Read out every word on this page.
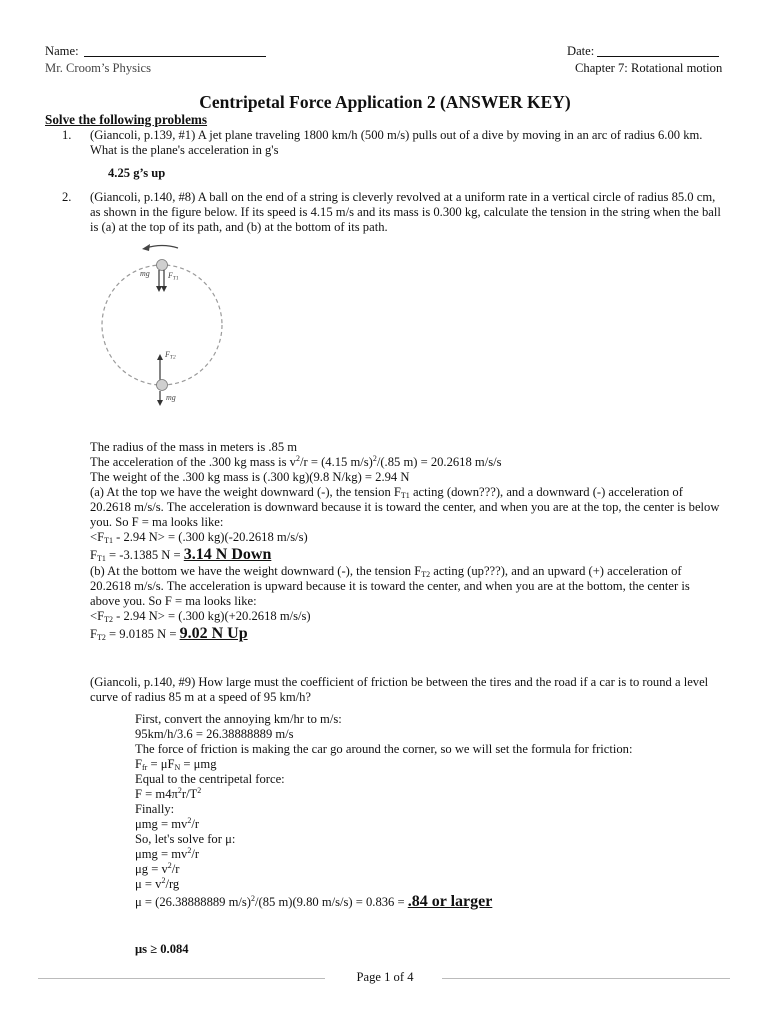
Name:
Mr. Croom’s Physics
Date:
Chapter 7: Rotational motion
Centripetal Force Application 2 (ANSWER KEY)
Solve the following problems
1. (Giancoli, p.139, #1) A jet plane traveling 1800 km/h (500 m/s) pulls out of a dive by moving in an arc of radius 6.00 km.
What is the plane's acceleration in g's
4.25 g’s up
2. (Giancoli, p.140, #8) A ball on the end of a string is cleverly revolved at a uniform rate in a vertical circle of radius 85.0 cm,
as shown in the figure below. If its speed is 4.15 m/s and its mass is 0.300 kg, calculate the tension in the string when the ball
is (a) at the top of its path, and (b) at the bottom of its path.
mg FT1
FT2
mg
The radius of the mass in meters is .85 m
The acceleration of the .300 kg mass is $v^2/r = (4.15$ m/s)$^2$/(.85 m) = 20.2618 m/s/s
The weight of the .300 kg mass is (.300 kg)(9.8 N/kg) = 2.94 N
(a) At the top we have the weight downward (-), the tension $F_{T1}$ acting (down???), and a downward (-) acceleration of
20.2618 m/s/s. The acceleration is downward because it is toward the center, and when you are at the top, the center is below
you. So F = ma looks like:
$<F_{T1} - 2.94$ N> = (.300 kg)(-20.2618 m/s/s)
$F_{T1} = -3.1385$ N = 3.14 N Down
(b) At the bottom we have the weight downward (-), the tension $F_{T2}$ acting (up???), and an upward (+) acceleration of
20.2618 m/s/s. The acceleration is upward because it is toward the center, and when you are at the bottom, the center is
above you. So F = ma looks like:
$<F_{T2} - 2.94$ N> = (.300 kg)(+20.2618 m/s/s)
$F_{T2} = 9.0185$ N = 9.02 N Up
(Giancoli, p.140, #9) How large must the coefficient of friction be between the tires and the road if a car is to round a level
curve of radius 85 m at a speed of 95 km/h?
First, convert the annoying km/hr to m/s:
95km/h/3.6 = 26.38888889 m/s
The force of friction is making the car go around the corner, so we will set the formula for friction:
$F_{fr} = \mu F_N = \mu mg$
Equal to the centripetal force:
$F = m4\pi^2r/T^2$
Finally:
$\mu mg = mv^2/r$
So, let's solve for μ:
$\mu mg = mv^2/r$
$\mu g = v^2/r$
$\mu = v^2/rg$
μ = (26.38888889 m/s)$^2$/(85 m)(9.80 m/s/s) = 0.836 = .84 or larger
μs ≥ 0.084
Page 1 of 4
